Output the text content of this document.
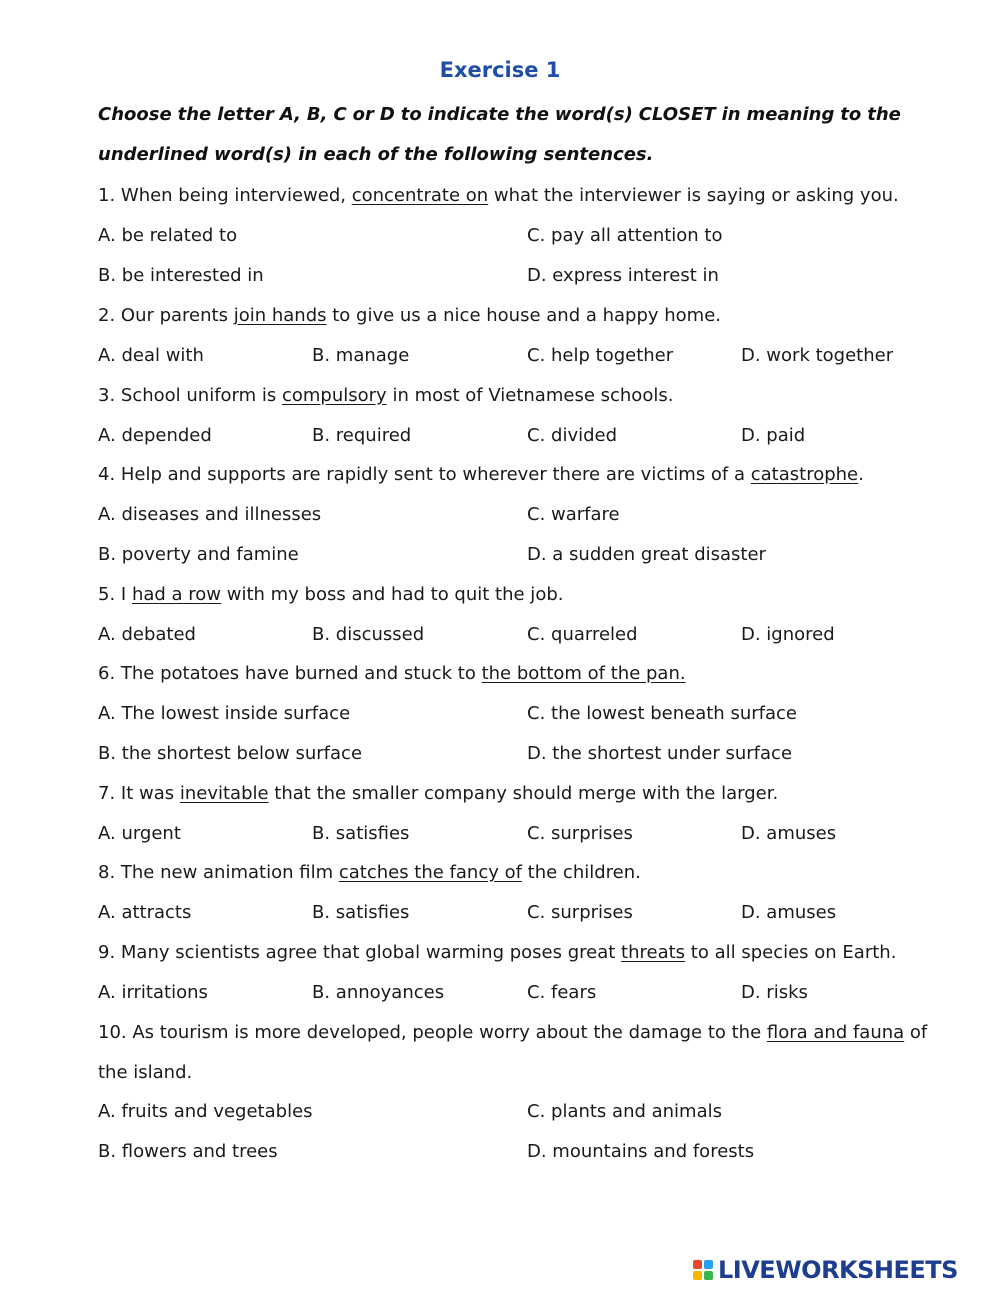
Exercise 1
Choose the letter A, B, C or D to indicate the word(s) CLOSET in meaning to the
underlined word(s) in each of the following sentences.
1. When being interviewed, concentrate on what the interviewer is saying or asking you.
A. be related to	C. pay all attention to
B. be interested in	D. express interest in
2. Our parents join hands to give us a nice house and a happy home.
A. deal with	B. manage	C. help together	D. work together
3. School uniform is compulsory in most of Vietnamese schools.
A. depended	B. required	C. divided	D. paid
4. Help and supports are rapidly sent to wherever there are victims of a catastrophe.
A. diseases and illnesses	C. warfare
B. poverty and famine	D. a sudden great disaster
5. I had a row with my boss and had to quit the job.
A. debated	B. discussed	C. quarreled	D. ignored
6. The potatoes have burned and stuck to the bottom of the pan.
A. The lowest inside surface	C. the lowest beneath surface
B. the shortest below surface	D. the shortest under surface
7. It was inevitable that the smaller company should merge with the larger.
A. urgent	B. satisfies	C. surprises	D. amuses
8. The new animation film catches the fancy of the children.
A. attracts	B. satisfies	C. surprises	D. amuses
9. Many scientists agree that global warming poses great threats to all species on Earth.
A. irritations	B. annoyances	C. fears	D. risks
10. As tourism is more developed, people worry about the damage to the flora and fauna of
the island.
A. fruits and vegetables	C. plants and animals
B. flowers and trees	D. mountains and forests
LIVEWORKSHEETS
